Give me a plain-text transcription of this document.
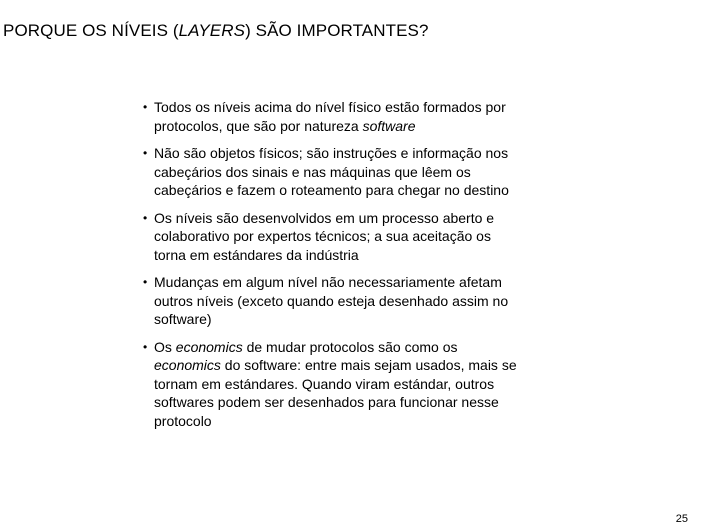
PORQUE OS NÍVEIS (LAYERS) SÃO IMPORTANTES?
• Todos os níveis acima do nível físico estão formados por
protocolos, que são por natureza software
• Não são objetos físicos; são instruções e informação nos
cabeçários dos sinais e nas máquinas que lêem os
cabeçários e fazem o roteamento para chegar no destino
• Os níveis são desenvolvidos em um processo aberto e
colaborativo por expertos técnicos; a sua aceitação os
torna em estándares da indústria
• Mudanças em algum nível não necessariamente afetam
outros níveis (exceto quando esteja desenhado assim no
software)
• Os economics de mudar protocolos são como os
economics do software: entre mais sejam usados, mais se
tornam em estándares. Quando viram estándar, outros
softwares podem ser desenhados para funcionar nesse
protocolo
25
